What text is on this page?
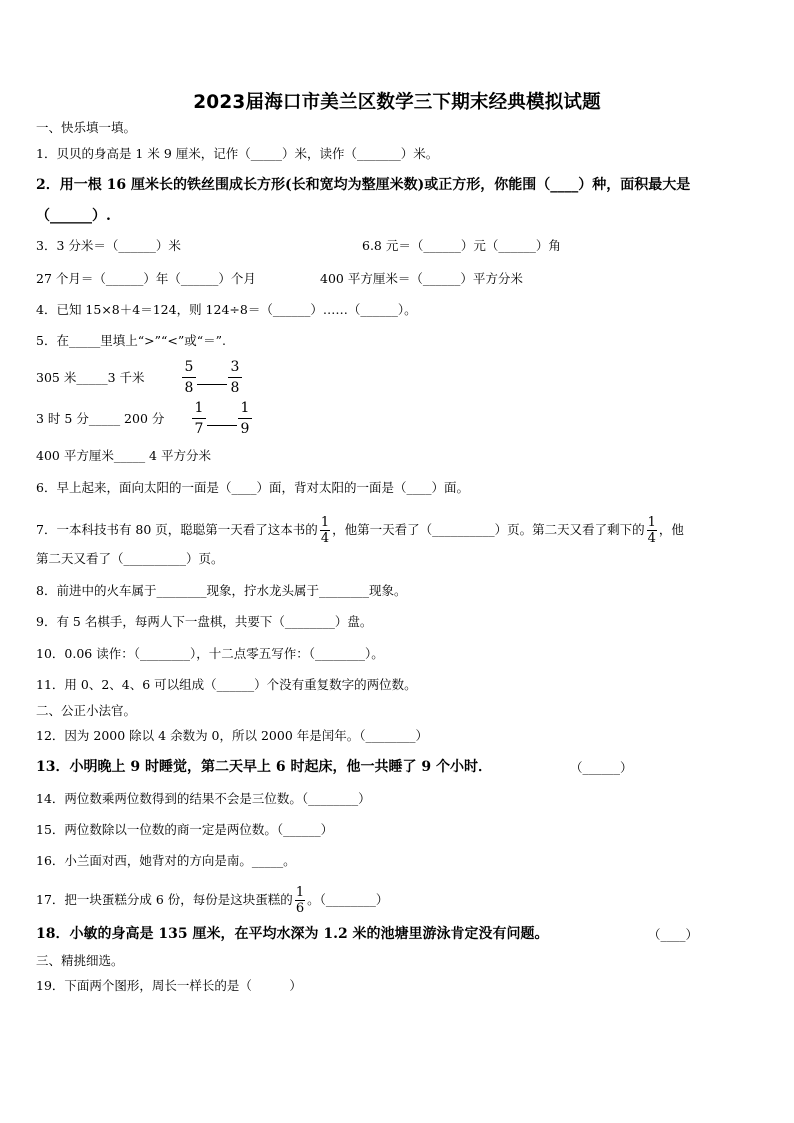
2023届海口市美兰区数学三下期末经典模拟试题
一、快乐填一填。
1．贝贝的身高是 1 米 9 厘米，记作（_____）米，读作（_______）米。
2．用一根 16 厘米长的铁丝围成长方形(长和宽均为整厘米数)或正方形，你能围（____）种，面积最大是
（______）.
3．3 分米＝（______）米	6.8 元＝（______）元（______）角
27 个月＝（______）年（______）个月	400 平方厘米＝（______）平方分米
4．已知 15×8＋4＝124，则 124÷8＝（______）……（______）。
5．在_____里填上“>”“<”或“＝”.
305 米_____3 千米
5
8
3
8
3 时 5 分_____ 200 分
1
7
1
9
400 平方厘米_____ 4 平方分米
6．早上起来，面向太阳的一面是（____）面，背对太阳的一面是（____）面。
7．一本科技书有 80 页，聪聪第一天看了这本书的 $\frac{1}{4}$ ，他第一天看了（__________）页。第二天又看了剩下的 $\frac{1}{4}$ ，他
第二天又看了（__________）页。
8．前进中的火车属于________现象，拧水龙头属于________现象。
9．有 5 名棋手，每两人下一盘棋，共要下（________）盘。
10．0.06 读作：（________），十二点零五写作：（________）。
11．用 0、2、4、6 可以组成（______）个没有重复数字的两位数。
二、公正小法官。
12．因为 2000 除以 4 余数为 0，所以 2000 年是闰年。（________）
13．小明晚上 9 时睡觉，第二天早上 6 时起床，他一共睡了 9 个小时．	（______）
14．两位数乘两位数得到的结果不会是三位数。（________）
15．两位数除以一位数的商一定是两位数。（______）
16．小兰面对西，她背对的方向是南。_____。
17．把一块蛋糕分成 6 份，每份是这块蛋糕的 $\frac{1}{6}$ 。（________）
18．小敏的身高是 135 厘米，在平均水深为 1.2 米的池塘里游泳肯定没有问题。	（____）
三、精挑细选。
19．下面两个图形，周长一样长的是（　　　）
